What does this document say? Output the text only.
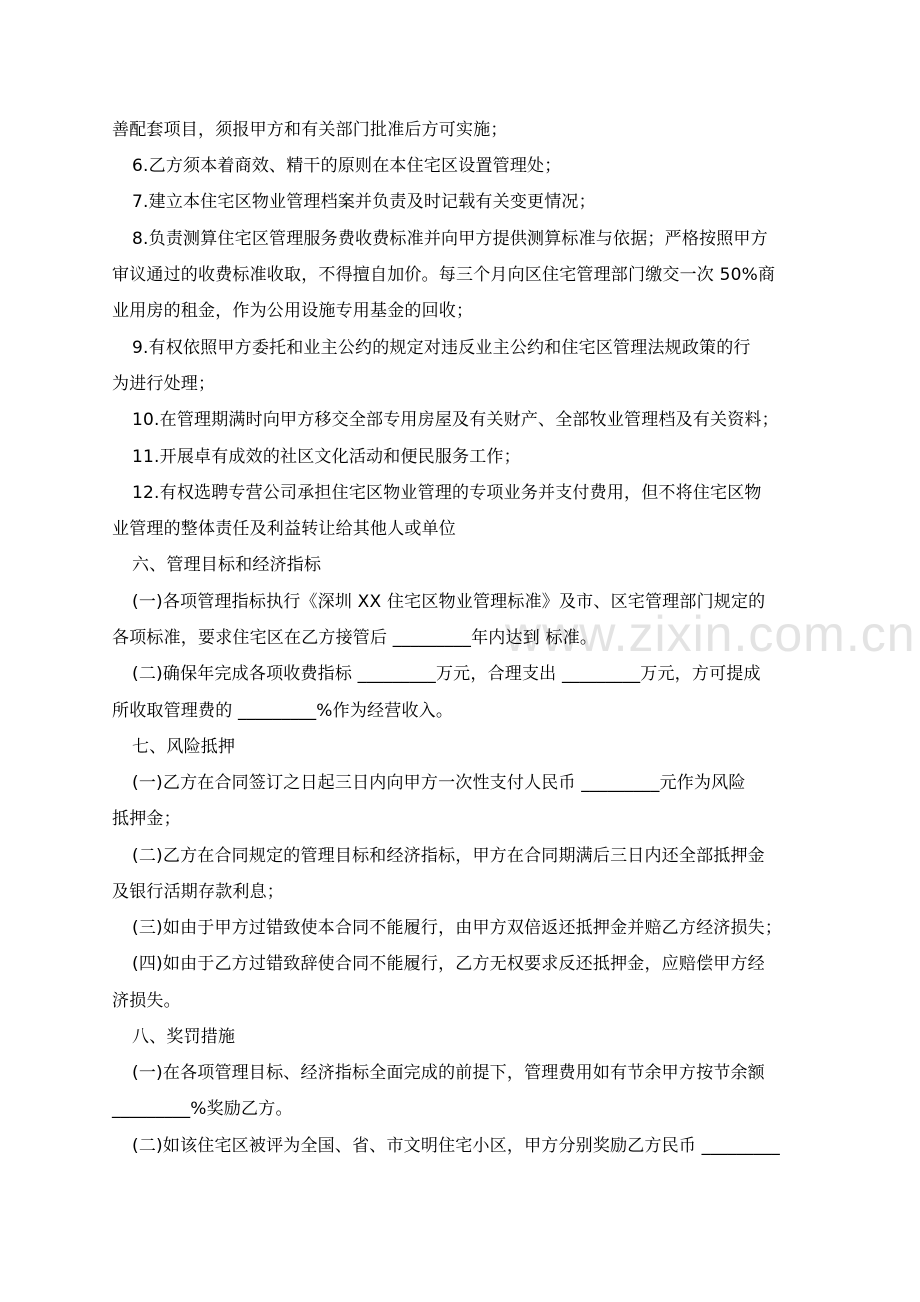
www.zixin.com.cn

善配套项目，须报甲方和有关部门批准后方可实施；

6.乙方须本着商效、精干的原则在本住宅区设置管理处；

7.建立本住宅区物业管理档案并负责及时记载有关变更情况；

8.负责测算住宅区管理服务费收费标准并向甲方提供测算标准与依据；严格按照甲方

审议通过的收费标准收取，不得擅自加价。每三个月向区住宅管理部门缴交一次 50%商

业用房的租金，作为公用设施专用基金的回收；

9.有权依照甲方委托和业主公约的规定对违反业主公约和住宅区管理法规政策的行

为进行处理；

10.在管理期满时向甲方移交全部专用房屋及有关财产、全部牧业管理档及有关资料；

11.开展卓有成效的社区文化活动和便民服务工作；

12.有权选聘专营公司承担住宅区物业管理的专项业务并支付费用，但不将住宅区物

业管理的整体责任及利益转让给其他人或单位

六、管理目标和经济指标

(一)各项管理指标执行《深圳 XX 住宅区物业管理标准》及市、区宅管理部门规定的

各项标准，要求住宅区在乙方接管后 _________年内达到 标准。

(二)确保年完成各项收费指标 _________万元，合理支出 _________万元，方可提成

所收取管理费的 _________%作为经营收入。

七、风险抵押

(一)乙方在合同签订之日起三日内向甲方一次性支付人民币 _________元作为风险

抵押金；

(二)乙方在合同规定的管理目标和经济指标，甲方在合同期满后三日内还全部抵押金

及银行活期存款利息；

(三)如由于甲方过错致使本合同不能履行，由甲方双倍返还抵押金并赔乙方经济损失；

(四)如由于乙方过错致辞使合同不能履行，乙方无权要求反还抵押金，应赔偿甲方经

济损失。

八、奖罚措施

(一)在各项管理目标、经济指标全面完成的前提下，管理费用如有节余甲方按节余额

_________%奖励乙方。

(二)如该住宅区被评为全国、省、市文明住宅小区，甲方分别奖励乙方民币 _________
